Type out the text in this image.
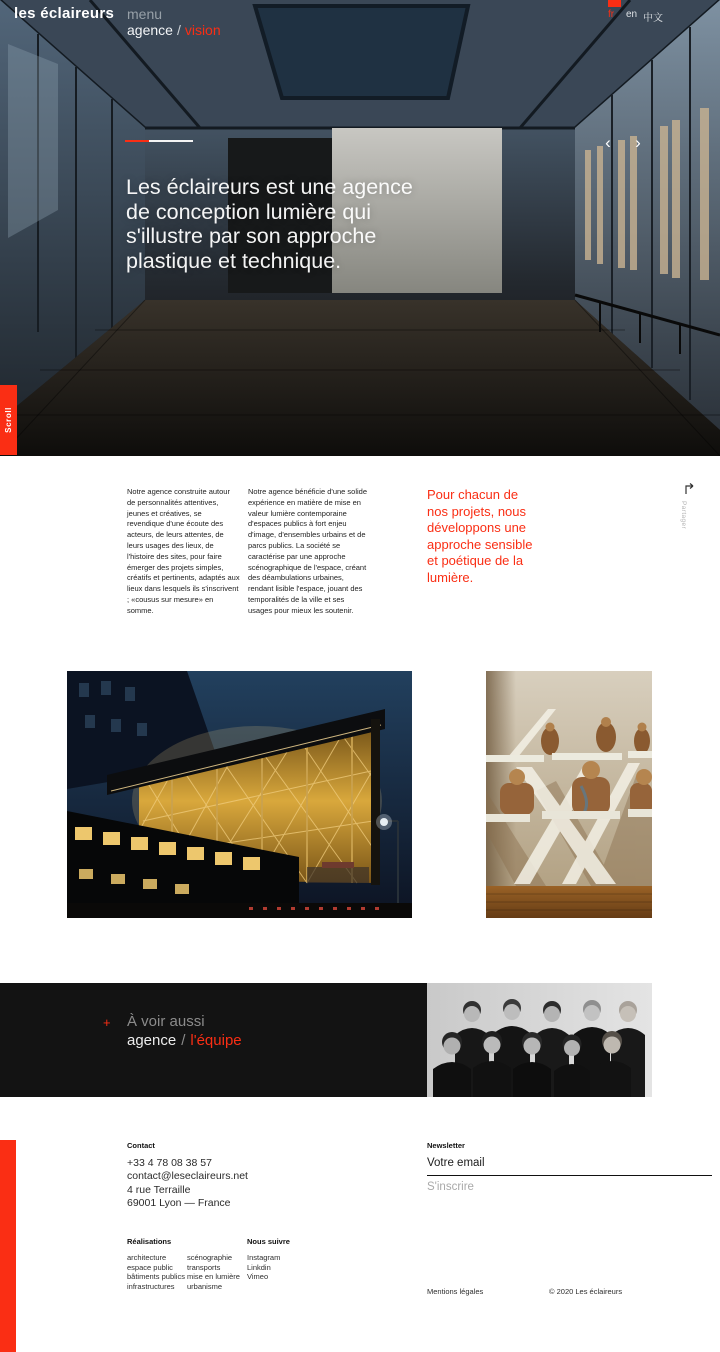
les éclaireurs menu
agence / vision
fr en 中文
‹	›
Les éclaireurs est une agence de conception lumière qui s'illustre par son approche plastique et technique.
Scroll

Notre agence construite autour de personnalités attentives, jeunes et créatives, se revendique d'une écoute des acteurs, de leurs attentes, de leurs usages des lieux, de l'histoire des sites, pour faire émerger des projets simples, créatifs et pertinents, adaptés aux lieux dans lesquels ils s'inscrivent ; «cousus sur mesure» en somme.

Notre agence bénéficie d'une solide expérience en matière de mise en valeur lumière contemporaine d'espaces publics à fort enjeu d'image, d'ensembles urbains et de parcs publics. La société se caractérise par une approche scénographique de l'espace, créant des déambulations urbaines, rendant lisible l'espace, jouant des temporalités de la ville et ses usages pour mieux les soutenir.

Pour chacun de nos projets, nous développons une approche sensible et poétique de la lumière.

Partager
+ À voir aussi
agence / l'équipe
Contact
+33 4 78 08 38 57
contact@leseclaireurs.net
4 rue Terraille
69001 Lyon — France
Newsletter
Votre email
S'inscrire
Réalisations
architecture
espace public
bâtiments publics
infrastructures
scénographie
transports
mise en lumière
urbanisme
Nous suivre
Instagram
Linkdin
Vimeo
Mentions légales	© 2020 Les éclaireurs
